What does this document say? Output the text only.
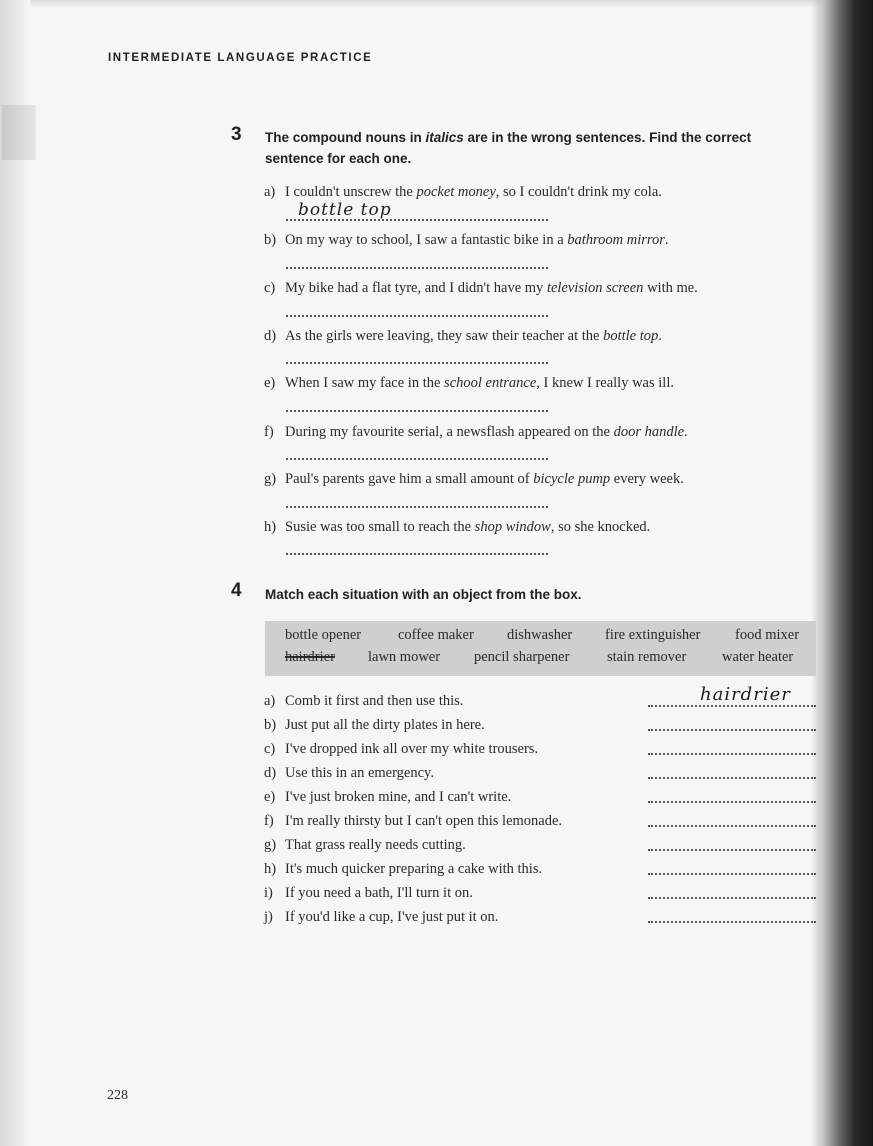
INTERMEDIATE LANGUAGE PRACTICE
3 The compound nouns in italics are in the wrong sentences. Find the correct
sentence for each one.
a) I couldn't unscrew the pocket money, so I couldn't drink my cola.
bottle top
b) On my way to school, I saw a fantastic bike in a bathroom mirror.
c) My bike had a flat tyre, and I didn't have my television screen with me.
d) As the girls were leaving, they saw their teacher at the bottle top.
e) When I saw my face in the school entrance, I knew I really was ill.
f) During my favourite serial, a newsflash appeared on the door handle.
g) Paul's parents gave him a small amount of bicycle pump every week.
h) Susie was too small to reach the shop window, so she knocked.
4 Match each situation with an object from the box.
bottle opener	coffee maker dishwasher fire extinguisher food mixer
hairdrier lawn mower pencil sharpener	stain remover water heater
a) Comb it first and then use this.	hairdrier
b) Just put all the dirty plates in here.
c) I've dropped ink all over my white trousers.
d) Use this in an emergency.
e) I've just broken mine, and I can't write.
f) I'm really thirsty but I can't open this lemonade.
g) That grass really needs cutting.
h) It's much quicker preparing a cake with this.
i) If you need a bath, I'll turn it on.
j) If you'd like a cup, I've just put it on.
228
